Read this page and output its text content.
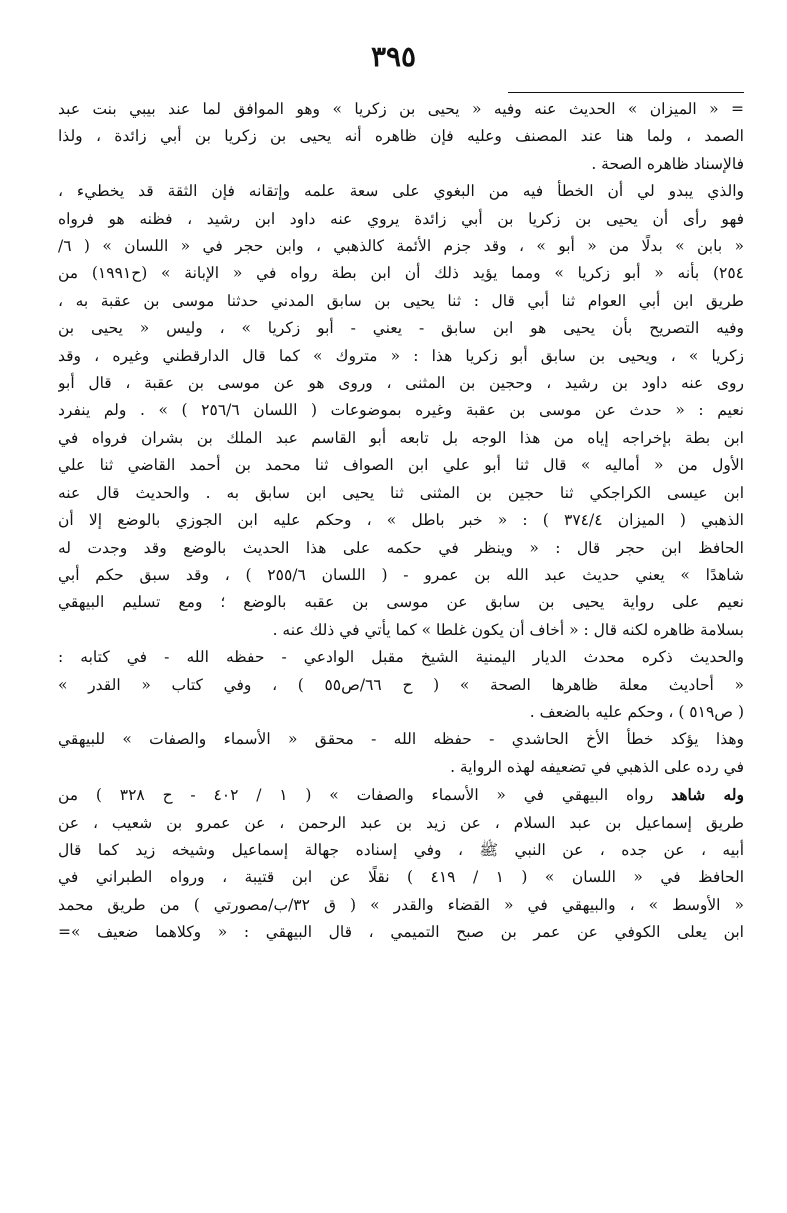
٣٩٥
= « الميزان » الحديث عنه وفيه « يحيى بن زكريا » وهو الموافق لما عند بيبي بنت عبد
الصمد ، ولما هنا عند المصنف وعليه فإن ظاهره أنه يحيى بن زكريا بن أبي زائدة ، ولذا
فالإسناد ظاهره الصحة .
والذي يبدو لي أن الخطأ فيه من البغوي على سعة علمه وإتقانه فإن الثقة قد يخطيء ،
فهو رأى أن يحيى بن زكريا بن أبي زائدة يروي عنه داود ابن رشيد ، فظنه هو فرواه
« بابن » بدلًا من « أبو » ، وقد جزم الأئمة كالذهبي ، وابن حجر في « اللسان » ( ٦/
٢٥٤) بأنه « أبو زكريا » ومما يؤيد ذلك أن ابن بطة رواه في « الإبانة » (ح١٩٩١) من
طريق ابن أبي العوام ثنا أبي قال : ثنا يحيى بن سابق المدني حدثنا موسى بن عقبة به ،
وفيه التصريح بأن يحيى هو ابن سابق - يعني - أبو زكريا » ، وليس « يحيى بن
زكريا » ، ويحيى بن سابق أبو زكريا هذا : « متروك » كما قال الدارقطني وغيره ، وقد
روى عنه داود بن رشيد ، وحجين بن المثنى ، وروى هو عن موسى بن عقبة ، قال أبو
نعيم : « حدث عن موسى بن عقبة وغيره بموضوعات ( اللسان ٢٥٦/٦ ) » . ولم ينفرد
ابن بطة بإخراجه إياه من هذا الوجه بل تابعه أبو القاسم عبد الملك بن بشران فرواه في
الأول من « أماليه » قال ثنا أبو علي ابن الصواف ثنا محمد بن أحمد القاضي ثنا علي
ابن عيسى الكراجكي ثنا حجين بن المثنى ثنا يحيى ابن سابق به . والحديث قال عنه
الذهبي ( الميزان ٣٧٤/٤ ) : « خبر باطل » ، وحكم عليه ابن الجوزي بالوضع إلا أن
الحافظ ابن حجر قال : « وينظر في حكمه على هذا الحديث بالوضع وقد وجدت له
شاهدًا » يعني حديث عبد الله بن عمرو - ( اللسان ٢٥٥/٦ ) ، وقد سبق حكم أبي
نعيم على رواية يحيى بن سابق عن موسى بن عقبه بالوضع ؛ ومع تسليم البيهقي
بسلامة ظاهره لكنه قال : « أخاف أن يكون غلطا » كما يأتي في ذلك عنه .
والحديث ذكره محدث الديار اليمنية الشيخ مقبل الوادعي - حفظه الله - في كتابه :
« أحاديث معلة ظاهرها الصحة » ( ح ٦٦/ص٥٥ ) ، وفي كتاب « القدر »
( ص٥١٩ ) ، وحكم عليه بالضعف .
وهذا يؤكد خطأ الأخ الحاشدي - حفظه الله - محقق « الأسماء والصفات » للبيهقي
في رده على الذهبي في تضعيفه لهذه الرواية .
وله شاهد رواه البيهقي في « الأسماء والصفات » ( ١ / ٤٠٢ - ح ٣٢٨ ) من
طريق إسماعيل بن عبد السلام ، عن زيد بن عبد الرحمن ، عن عمرو بن شعيب ، عن
أبيه ، عن جده ، عن النبي ﷺ ، وفي إسناده جهالة إسماعيل وشيخه زيد كما قال
الحافظ في « اللسان » ( ١ / ٤١٩ ) نقلًا عن ابن قتيبة ، ورواه الطبراني في
« الأوسط » ، والبيهقي في « القضاء والقدر » ( ق ٣٢/ب/مصورتي ) من طريق محمد
ابن يعلى الكوفي عن عمر بن صبح التميمي ، قال البيهقي : « وكلاهما ضعيف »=
